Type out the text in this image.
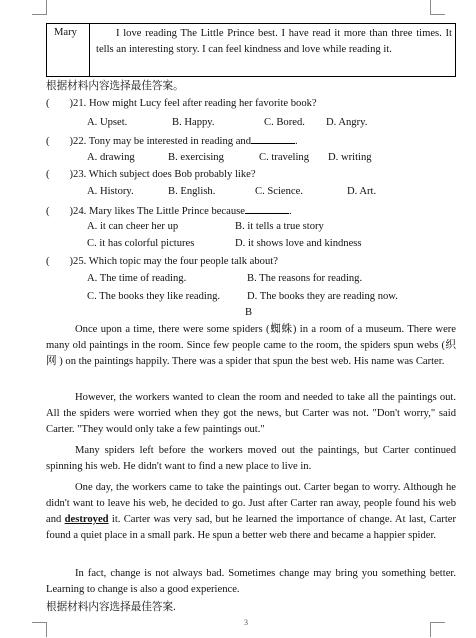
Mary	I love reading The Little Prince best. I have read it more than three times. It tells an interesting story. I can feel kindness and love while reading it.
根据材料内容选择最佳答案。
( )21. How might Lucy feel after reading her favorite book?
A. Upset.	B. Happy.	C. Bored. D. Angry.
( )22. Tony may be interested in reading and	.
A. drawing	B. exercising	C. traveling D. writing
( )23. Which subject does Bob probably like?
A. History.	B. English.	C. Science.	D. Art.
( )24. Mary likes The Little Prince because	.
A. it can cheer her up	B. it tells a true story
C. it has colorful pictures	D. it shows love and kindness
( )25. Which topic may the four people talk about?
A. The time of reading.	B. The reasons for reading.
C. The books they like reading.	D. The books they are reading now.
B
Once upon a time, there were some spiders (蜘蛛) in a room of a museum. There were many old paintings in the room. Since few people came to the room, the spiders spun webs (织网 ) on the paintings happily. There was a spider that spun the best web. His name was Carter.
However, the workers wanted to clean the room and needed to take all the paintings out. All the spiders were worried when they got the news, but Carter was not. "Don't worry," said Carter. "They would only take a few paintings out."
Many spiders left before the workers moved out the paintings, but Carter continued spinning his web. He didn't want to find a new place to live in.
One day, the workers came to take the paintings out. Carter began to worry. Although he didn't want to leave his web, he decided to go. Just after Carter ran away, people found his web and destroyed it. Carter was very sad, but he learned the importance of change. At last, Carter found a quiet place in a small park. He spun a better web there and became a happier spider.
In fact, change is not always bad. Sometimes change may bring you something better. Learning to change is also a good experience.
根据材料内容选择最佳答案.
3
